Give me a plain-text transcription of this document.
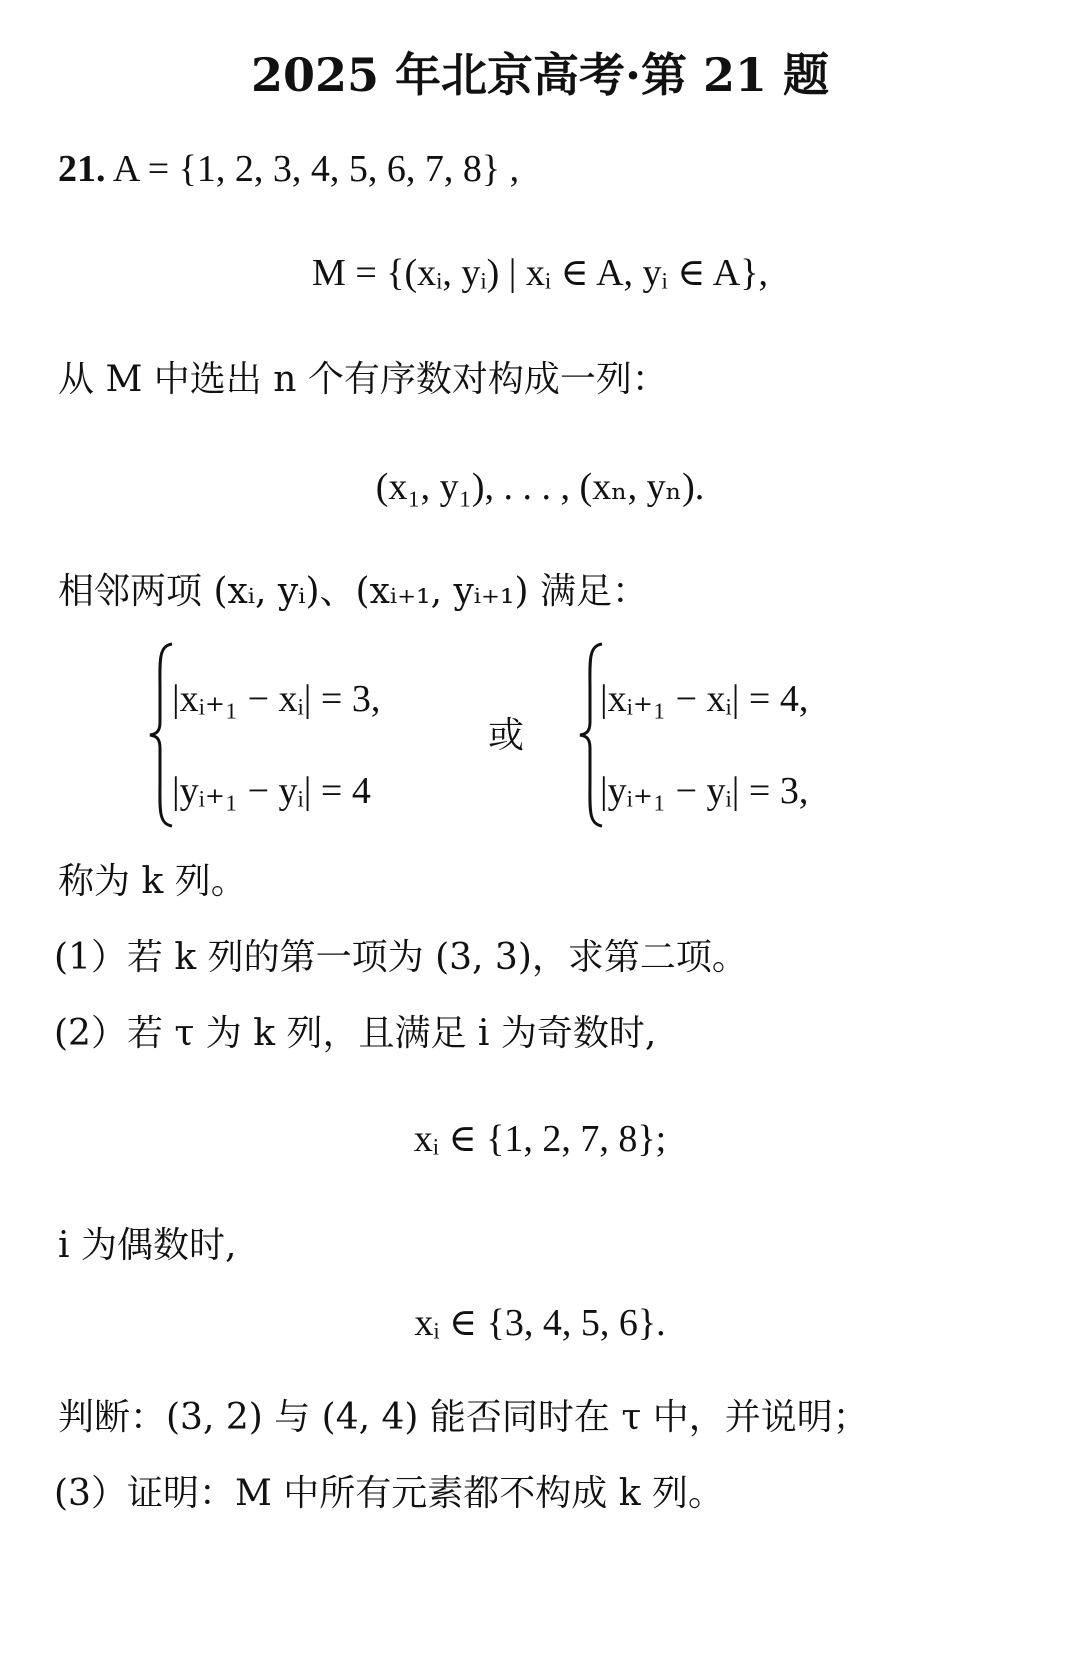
2025 年北京高考·第 21 题
21. A = {1, 2, 3, 4, 5, 6, 7, 8} ,
M = {(xᵢ, yᵢ) | xᵢ ∈ A, yᵢ ∈ A},
从 M 中选出 n 个有序数对构成一列：
(x₁, y₁), . . . , (xₙ, yₙ).
相邻两项 (xᵢ, yᵢ)、(xᵢ₊₁, yᵢ₊₁) 满足：
|xᵢ₊₁ − xᵢ| = 3,
|yᵢ₊₁ − yᵢ| = 4
或
|xᵢ₊₁ − xᵢ| = 4,
|yᵢ₊₁ − yᵢ| = 3,
称为 k 列。
(1）若 k 列的第一项为 (3, 3)，求第二项。
(2）若 τ 为 k 列，且满足 i 为奇数时,
xᵢ ∈ {1, 2, 7, 8};
i 为偶数时,
xᵢ ∈ {3, 4, 5, 6}.
判断：(3, 2) 与 (4, 4) 能否同时在 τ 中，并说明；
(3）证明：M 中所有元素都不构成 k 列。
